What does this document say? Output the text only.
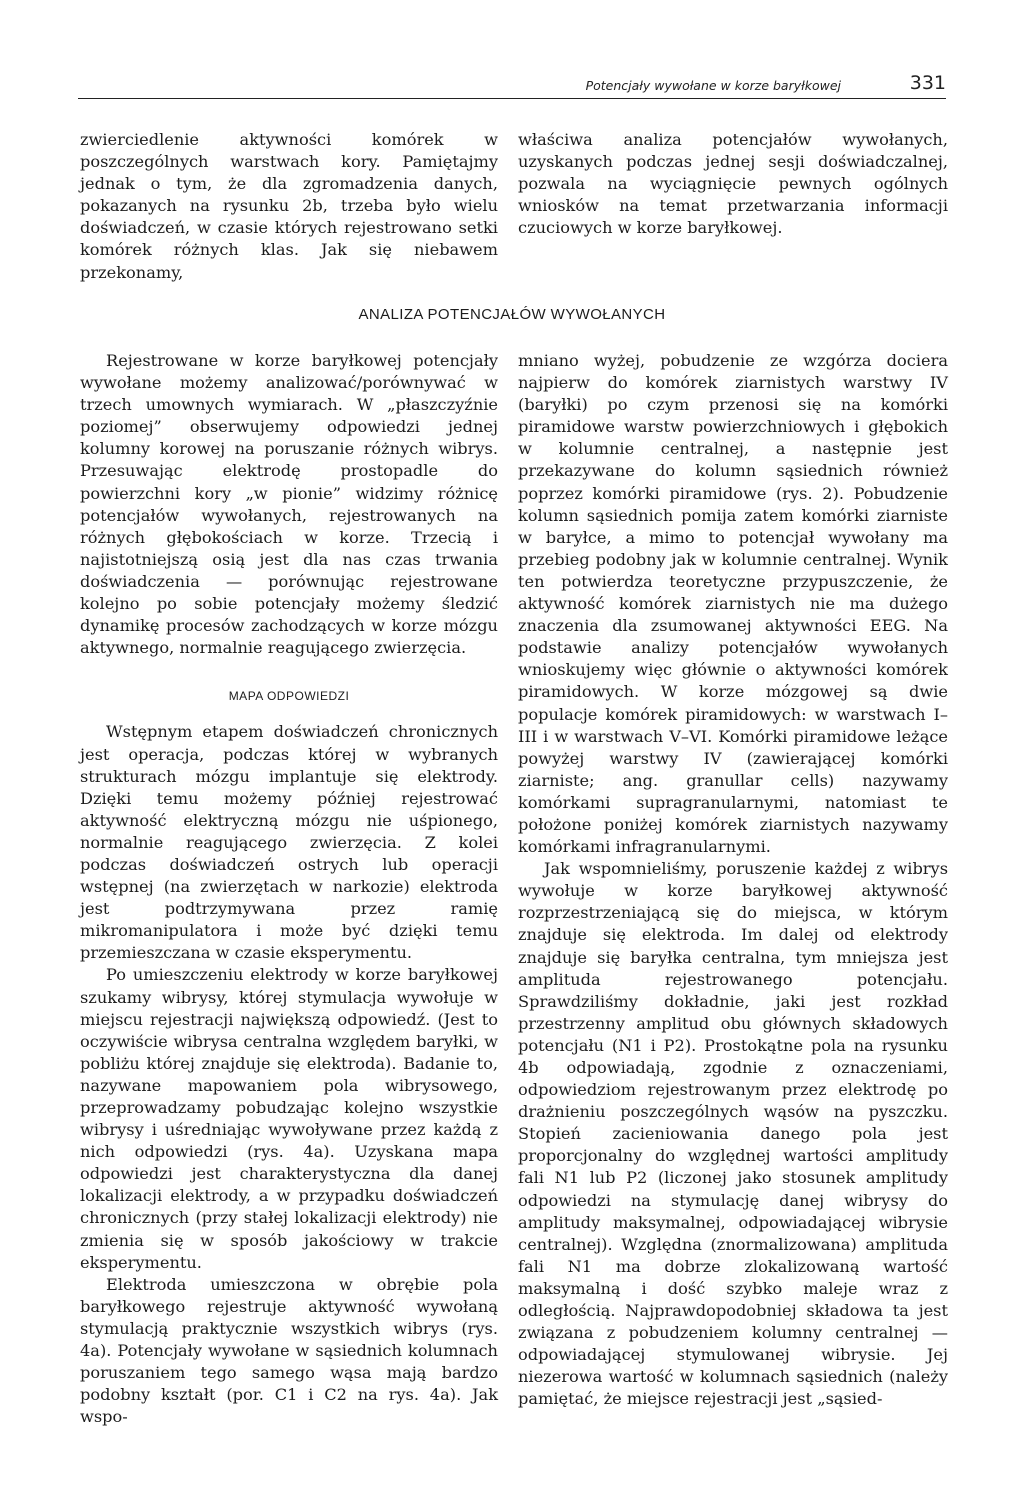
Potencjały wywołane w korze baryłkowej	331

zwierciedlenie aktywności komórek w poszczególnych warstwach kory. Pamiętajmy jednak o tym, że dla zgromadzenia danych, pokazanych na rysunku 2b, trzeba było wielu doświadczeń, w czasie których rejestrowano setki komórek różnych klas. Jak się niebawem przekonamy,

właściwa analiza potencjałów wywołanych, uzyskanych podczas jednej sesji doświadczalnej, pozwala na wyciągnięcie pewnych ogólnych wniosków na temat przetwarzania informacji czuciowych w korze baryłkowej.

ANALIZA POTENCJAŁÓW WYWOŁANYCH

Rejestrowane w korze baryłkowej potencjały wywołane możemy analizować/porównywać w trzech umownych wymiarach. W „płaszczyźnie poziomej” obserwujemy odpowiedzi jednej kolumny korowej na poruszanie różnych wibrys. Przesuwając elektrodę prostopadle do powierzchni kory „w pionie” widzimy różnicę potencjałów wywołanych, rejestrowanych na różnych głębokościach w korze. Trzecią i najistotniejszą osią jest dla nas czas trwania doświadczenia — porównując rejestrowane kolejno po sobie potencjały możemy śledzić dynamikę procesów zachodzących w korze mózgu aktywnego, normalnie reagującego zwierzęcia.

MAPA ODPOWIEDZI

Wstępnym etapem doświadczeń chronicznych jest operacja, podczas której w wybranych strukturach mózgu implantuje się elektrody. Dzięki temu możemy później rejestrować aktywność elektryczną mózgu nie uśpionego, normalnie reagującego zwierzęcia. Z kolei podczas doświadczeń ostrych lub operacji wstępnej (na zwierzętach w narkozie) elektroda jest podtrzymywana przez ramię mikromanipulatora i może być dzięki temu przemieszczana w czasie eksperymentu.

Po umieszczeniu elektrody w korze baryłkowej szukamy wibrysy, której stymulacja wywołuje w miejscu rejestracji największą odpowiedź. (Jest to oczywiście wibrysa centralna względem baryłki, w pobliżu której znajduje się elektroda). Badanie to, nazywane mapowaniem pola wibrysowego, przeprowadzamy pobudzając kolejno wszystkie wibrysy i uśredniając wywoływane przez każdą z nich odpowiedzi (rys. 4a). Uzyskana mapa odpowiedzi jest charakterystyczna dla danej lokalizacji elektrody, a w przypadku doświadczeń chronicznych (przy stałej lokalizacji elektrody) nie zmienia się w sposób jakościowy w trakcie eksperymentu.

Elektroda umieszczona w obrębie pola baryłkowego rejestruje aktywność wywołaną stymulacją praktycznie wszystkich wibrys (rys. 4a). Potencjały wywołane w sąsiednich kolumnach poruszaniem tego samego wąsa mają bardzo podobny kształt (por. C1 i C2 na rys. 4a). Jak wspo-

mniano wyżej, pobudzenie ze wzgórza dociera najpierw do komórek ziarnistych warstwy IV (baryłki) po czym przenosi się na komórki piramidowe warstw powierzchniowych i głębokich w kolumnie centralnej, a następnie jest przekazywane do kolumn sąsiednich również poprzez komórki piramidowe (rys. 2). Pobudzenie kolumn sąsiednich pomija zatem komórki ziarniste w baryłce, a mimo to potencjał wywołany ma przebieg podobny jak w kolumnie centralnej. Wynik ten potwierdza teoretyczne przypuszczenie, że aktywność komórek ziarnistych nie ma dużego znaczenia dla zsumowanej aktywności EEG. Na podstawie analizy potencjałów wywołanych wnioskujemy więc głównie o aktywności komórek piramidowych. W korze mózgowej są dwie populacje komórek piramidowych: w warstwach I–III i w warstwach V–VI. Komórki piramidowe leżące powyżej warstwy IV (zawierającej komórki ziarniste; ang. granullar cells) nazywamy komórkami supragranularnymi, natomiast te położone poniżej komórek ziarnistych nazywamy komórkami infragranularnymi.

Jak wspomnieliśmy, poruszenie każdej z wibrys wywołuje w korze baryłkowej aktywność rozprzestrzeniającą się do miejsca, w którym znajduje się elektroda. Im dalej od elektrody znajduje się baryłka centralna, tym mniejsza jest amplituda rejestrowanego potencjału. Sprawdziliśmy dokładnie, jaki jest rozkład przestrzenny amplitud obu głównych składowych potencjału (N1 i P2). Prostokątne pola na rysunku 4b odpowiadają, zgodnie z oznaczeniami, odpowiedziom rejestrowanym przez elektrodę po drażnieniu poszczególnych wąsów na pyszczku. Stopień zacieniowania danego pola jest proporcjonalny do względnej wartości amplitudy fali N1 lub P2 (liczonej jako stosunek amplitudy odpowiedzi na stymulację danej wibrysy do amplitudy maksymalnej, odpowiadającej wibrysie centralnej). Względna (znormalizowana) amplituda fali N1 ma dobrze zlokalizowaną wartość maksymalną i dość szybko maleje wraz z odległością. Najprawdopodobniej składowa ta jest związana z pobudzeniem kolumny centralnej — odpowiadającej stymulowanej wibrysie. Jej niezerowa wartość w kolumnach sąsiednich (należy pamiętać, że miejsce rejestracji jest „sąsied-
